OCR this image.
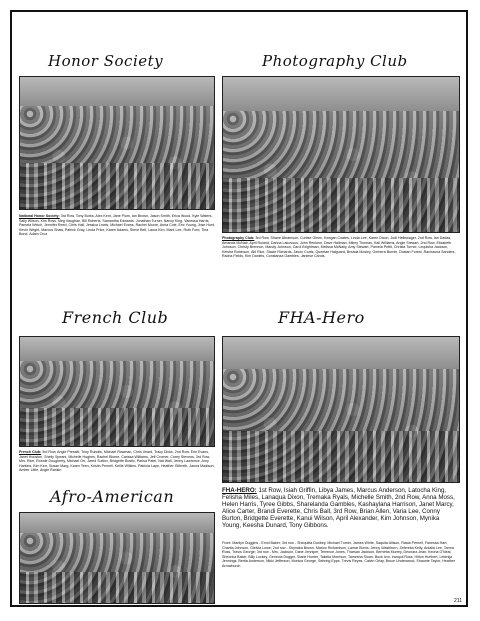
Honor Society
National Honor Society: 3rd Row, Tony Burks, Alex Kent, Jane Plum, Ian Brown, Jason Smith, Erica Wood, Kyle Waters, Sally Wilson, Kim Ross, Meg Vaughan, Bill Roberts, Samantha Edwards, Jonathan Turner, Nancy King, Vanessa Harris, Pamela Welch, Jennifer Reed, Chris Hall, Jessica Lewis, Michael Evans, Rachel Moore, Anna Cole, Eric Young, Jose Hunt, Kevin Wright, Marcus Shaw, Patrick Gray, Linda Price, Karen Adams, Steve Bell, Laura Kim, Mark Lee, Ruth Ford, Tina Bond, Adam Cruz
Photography Club
Photography Club: 3rd Row, Shane Abramson, Curtise Glenn, Keegan Coates, Linda Lee, Karen Dixon, Jodi Hellewager, 2nd Row, Ian Dadas, Amanda McNair, April Roland, Danna Lakovous, John Renkem, Dave Hallman, Mikey Thomas, Kali Williams, Angie Stewart, 2nd Row, Elizabeth Johnson, Christy Brennon, Mandy Johnson, Carol Brightman, Melissa McNally, Amy Stewart, Pamela Pettit, Christa Turner, Lequisha Jackson, Keisha Robinson, Abi Rice, Stacie Richards, Jason Curtis, Quentan Halguard, Breada Mosley, Gerbera Burnie, Dustan Forest, Rachauna Sanders, Racha Fields, Kim Daniels, Constanza Gambles, Janiese Carols.
French Club
French Club: 3rd Row, Angie Pressitt, Tony Rubolis, Michael Rowman, Chris Veard, Tracy Dicks, 2nd Row, Erin Evans, Janet Houston, Shelly Spears, Michelle Hughes, Rachel Blome, Carissa Williams, Jeff Cromer, Corey Stevens, 3rd Row, Mrs. Rice, Ronnie Dougherty, Michael Orr, Jared Sutton, Bridgette Bostic, Parisa Patel, Nat Wall, Jenny Lawrence, Amy Harkins, Kim Kerr, Susan Marg, Karen Teen, Kristin Pernell, Kellie Wilkins, Patricia Lape, Heather Gilbreth, Janna Madison, Amber Little, Angie Rankin
FHA-Hero
FHA-HERO: 1st Row, Isiah Griffin, Libya James, Marcus Anderson, Latocha King, Felisha Miles, Lanaqua Dixon, Tremaka Ryals, Michelle Smith, 2nd Row, Anna Moss, Helen Harris, Tyree Gibbs, Sharelanda Gambles, Kashaylana Harrison, Janet Marcy, Alice Carter, Brandi Everette, Chris Ball, 3rd Row, Brian Allen, Varia Lee, Conny Burton, Bridgette Everette, Kanui Wilson, April Alexander, Kim Johnson, Mynika Young, Keesha Dunard, Tony Gibbons.
Afro-American
Front: Marilyn Duggins - Emni Baker; 3rd row - Shequitta Dunbey, Michael Turner, James White, Saquita Allison, Rasta Pernell, Fanessa Hart, Charita Johnson, Gleivia Lowe; 2nd row - Shynaka Brown, Marino Richardson, Lamar Burns, Jenny Washburn, Zefereka Kelly, Antalia Lee, Tamra Ross, Travis George; 3rd row - Mrs. Jackson, Dane Jenniper, Terrence Jones, Tharsan Jackson, Bernetta Murrey, Deonara Jean, Keona O'Neal, Sheonka Baker, Billy Lockey, Genevia Dugger, Starie Hunter, Takelia Morrison, Tamesha Sloan, Buck Ivor, Iranquil Ross, Hilton Hurlbert, Letenija Jennings, Bertia Anderson, Nikki Jefferson, Monica George, Sebring Epps, Trevis Reyes, Calvin Orlay, Bruce Underwood, Shaunte Taylor, Heather Arrowhurch
211
